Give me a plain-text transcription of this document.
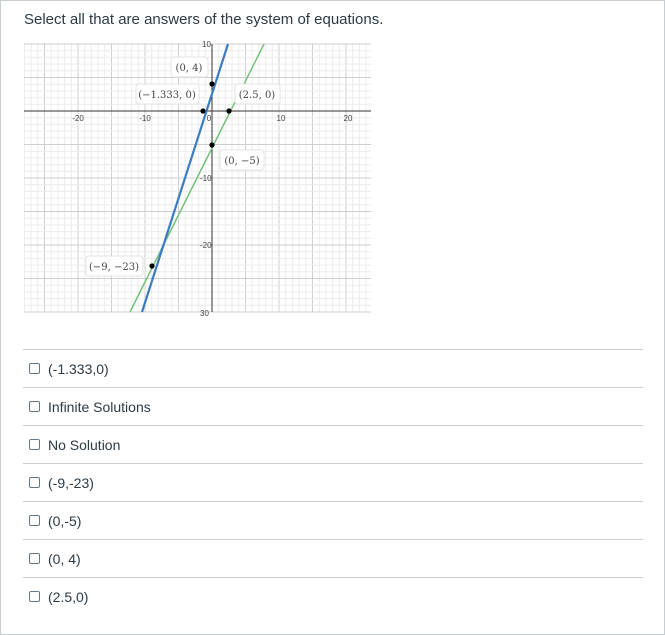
Select all that are answers of the system of equations.
-20	-10	0	10	20
-10
-20
10
30
(0, 4)
(−1.333, 0)	(2.5, 0)
(0, −5)
(−9, −23)
(-1.333,0)
Infinite Solutions
No Solution
(-9,-23)
(0,-5)
(0, 4)
(2.5,0)
